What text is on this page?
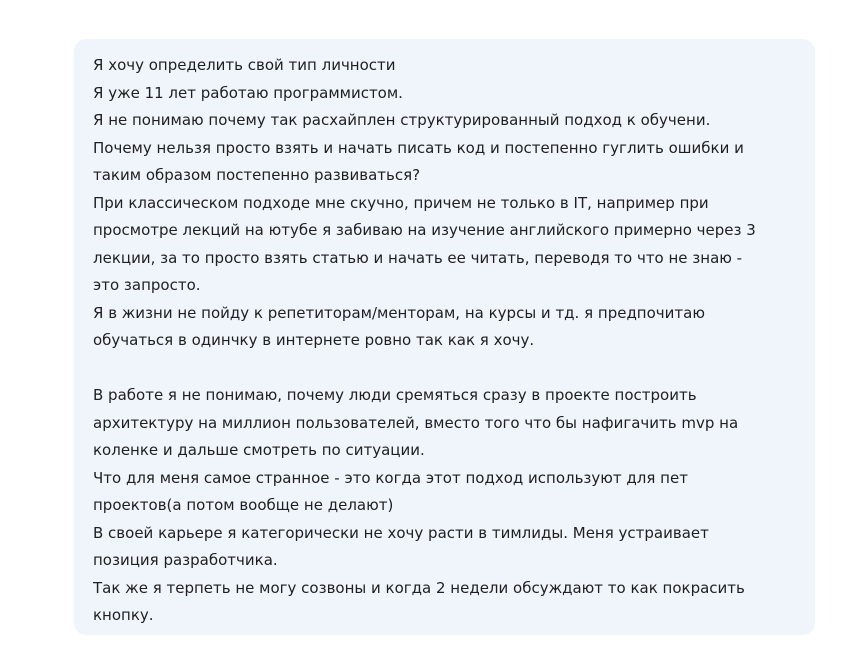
Я хочу определить свой тип личности

Я уже 11 лет работаю программистом.

Я не понимаю почему так расхайплен структурированный подход к обучени.

Почему нельзя просто взять и начать писать код и постепенно гуглить ошибки и

таким образом постепенно развиваться?

При классическом подходе мне скучно, причем не только в IT, например при

просмотре лекций на ютубе я забиваю на изучение английского примерно через 3

лекции, за то просто взять статью и начать ее читать, переводя то что не знаю -

это запросто.

Я в жизни не пойду к репетиторам/менторам, на курсы и тд. я предпочитаю

обучаться в одинчку в интернете ровно так как я хочу.

В работе я не понимаю, почему люди сремяться сразу в проекте построить

архитектуру на миллион пользователей, вместо того что бы нафигачить mvp на

коленке и дальше смотреть по ситуации.

Что для меня самое странное - это когда этот подход используют для пет

проектов(а потом вообще не делают)

В своей карьере я категорически не хочу расти в тимлиды. Меня устраивает

позиция разработчика.

Так же я терпеть не могу созвоны и когда 2 недели обсуждают то как покрасить

кнопку.
